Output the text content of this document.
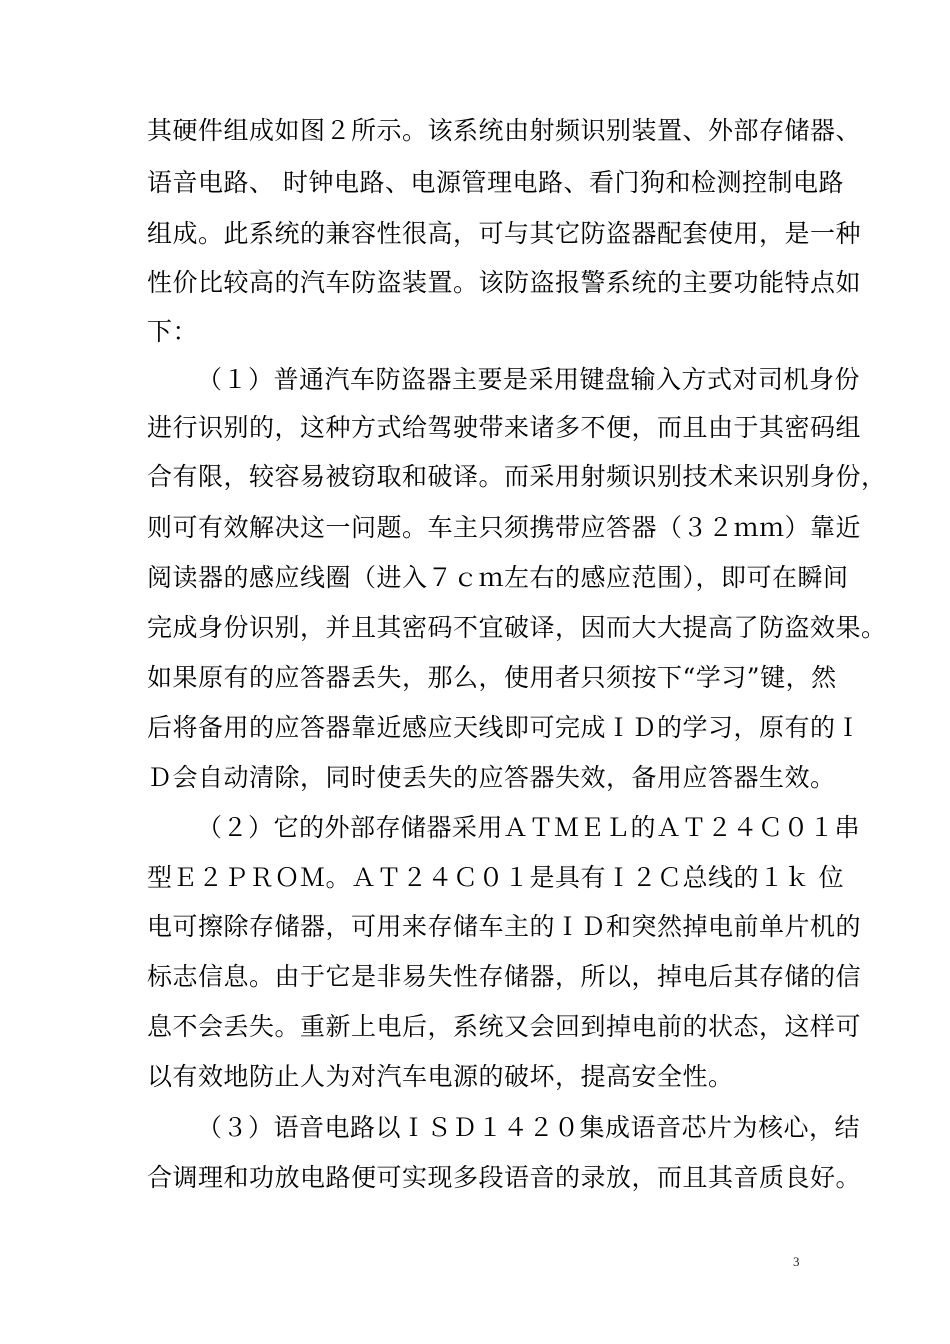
其硬件组成如图２所示。该系统由射频识别装置、外部存储器、
语音电路、 时钟电路、电源管理电路、看门狗和检测控制电路
组成。此系统的兼容性很高，可与其它防盗器配套使用，是一种
性价比较高的汽车防盗装置。该防盗报警系统的主要功能特点如
下：
（１）普通汽车防盗器主要是采用键盘输入方式对司机身份
进行识别的，这种方式给驾驶带来诸多不便，而且由于其密码组
合有限，较容易被窃取和破译。而采用射频识别技术来识别身份，
则可有效解决这一问题。车主只须携带应答器（３２ｍｍ）靠近
阅读器的感应线圈（进入７ｃｍ左右的感应范围），即可在瞬间
完成身份识别，并且其密码不宜破译，因而大大提高了防盗效果。
如果原有的应答器丢失，那么，使用者只须按下“学习”键，然
后将备用的应答器靠近感应天线即可完成ＩＤ的学习，原有的Ｉ
Ｄ会自动清除，同时使丢失的应答器失效，备用应答器生效。
（２）它的外部存储器采用ＡＴＭＥＬ的ＡＴ２４Ｃ０１串
型Ｅ２ＰＲＯＭ。ＡＴ２４Ｃ０１是具有Ｉ２Ｃ总线的１ｋ 位
电可擦除存储器，可用来存储车主的ＩＤ和突然掉电前单片机的
标志信息。由于它是非易失性存储器，所以，掉电后其存储的信
息不会丢失。重新上电后，系统又会回到掉电前的状态，这样可
以有效地防止人为对汽车电源的破坏，提高安全性。
（３）语音电路以ＩＳＤ１４２０集成语音芯片为核心，结
合调理和功放电路便可实现多段语音的录放，而且其音质良好。
3
